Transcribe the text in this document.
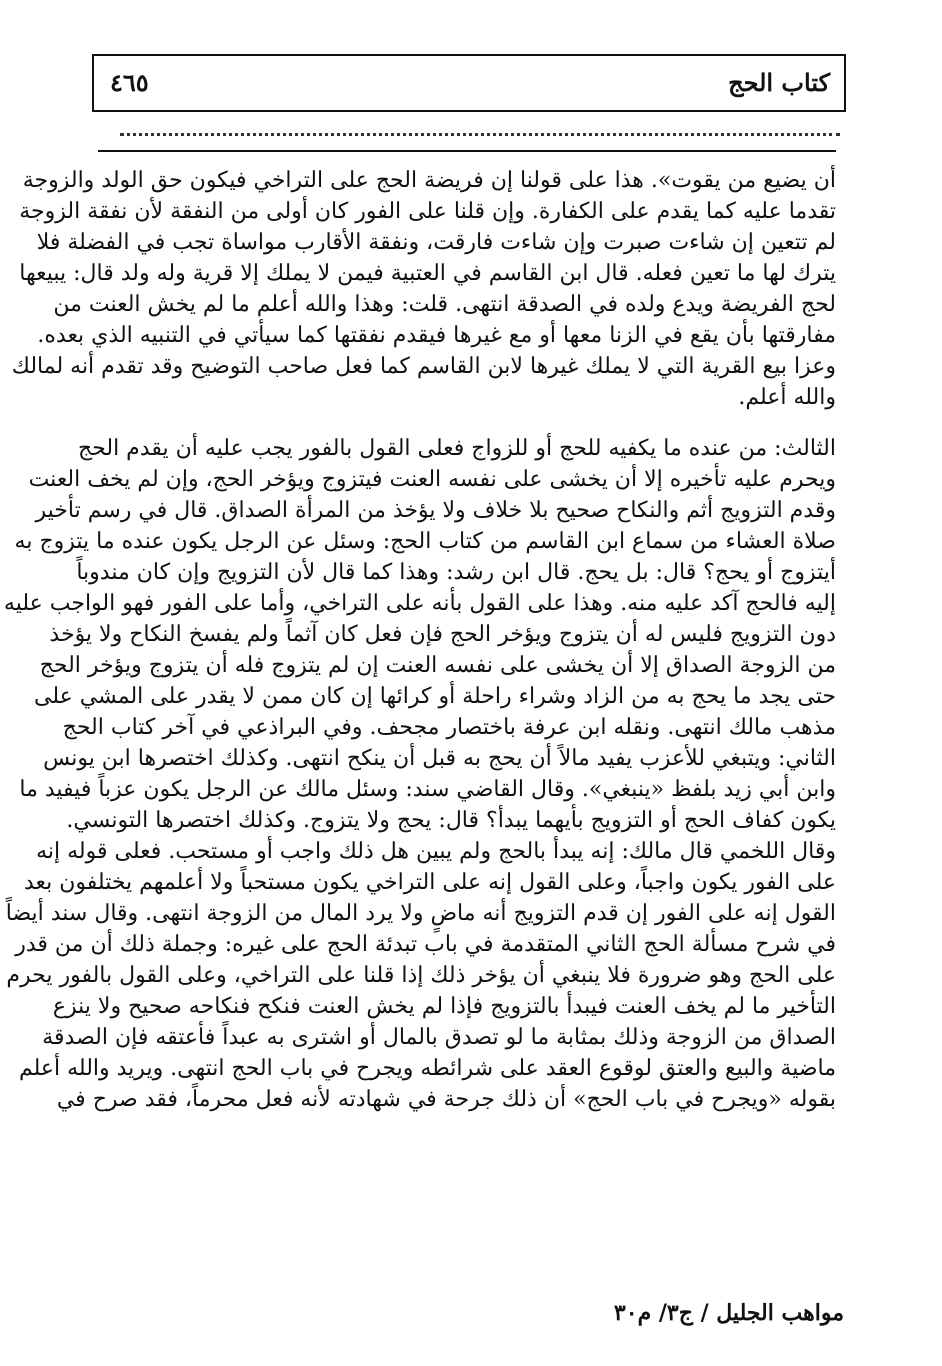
كتاب الحج
٤٦٥
أن يضيع من يقوت». هذا على قولنا إن فريضة الحج على التراخي فيكون حق الولد والزوجة
تقدما عليه كما يقدم على الكفارة. وإن قلنا على الفور كان أولى من النفقة لأن نفقة الزوجة
لم تتعين إن شاءت صبرت وإن شاءت فارقت، ونفقة الأقارب مواساة تجب في الفضلة فلا
يترك لها ما تعين فعله. قال ابن القاسم في العتبية فيمن لا يملك إلا قرية وله ولد قال: يبيعها
لحج الفريضة ويدع ولده في الصدقة انتهى. قلت: وهذا والله أعلم ما لم يخش العنت من
مفارقتها بأن يقع في الزنا معها أو مع غيرها فيقدم نفقتها كما سيأتي في التنبيه الذي بعده.
وعزا بيع القرية التي لا يملك غيرها لابن القاسم كما فعل صاحب التوضيح وقد تقدم أنه لمالك
والله أعلم.
الثالث: من عنده ما يكفيه للحج أو للزواج فعلى القول بالفور يجب عليه أن يقدم الحج
ويحرم عليه تأخيره إلا أن يخشى على نفسه العنت فيتزوج ويؤخر الحج، وإن لم يخف العنت
وقدم التزويج أثم والنكاح صحيح بلا خلاف ولا يؤخذ من المرأة الصداق. قال في رسم تأخير
صلاة العشاء من سماع ابن القاسم من كتاب الحج: وسئل عن الرجل يكون عنده ما يتزوج به
أيتزوج أو يحج؟ قال: بل يحج. قال ابن رشد: وهذا كما قال لأن التزويج وإن كان مندوباً
إليه فالحج آكد عليه منه. وهذا على القول بأنه على التراخي، وأما على الفور فهو الواجب عليه
دون التزويج فليس له أن يتزوج ويؤخر الحج فإن فعل كان آثماً ولم يفسخ النكاح ولا يؤخذ
من الزوجة الصداق إلا أن يخشى على نفسه العنت إن لم يتزوج فله أن يتزوج ويؤخر الحج
حتى يجد ما يحج به من الزاد وشراء راحلة أو كرائها إن كان ممن لا يقدر على المشي على
مذهب مالك انتهى. ونقله ابن عرفة باختصار مجحف. وفي البراذعي في آخر كتاب الحج
الثاني: ويتبغي للأعزب يفيد مالاً أن يحج به قبل أن ينكح انتهى. وكذلك اختصرها ابن يونس
وابن أبي زيد بلفظ «ينبغي». وقال القاضي سند: وسئل مالك عن الرجل يكون عزباً فيفيد ما
يكون كفاف الحج أو التزويج بأيهما يبدأ؟ قال: يحج ولا يتزوج. وكذلك اختصرها التونسي.
وقال اللخمي قال مالك: إنه يبدأ بالحج ولم يبين هل ذلك واجب أو مستحب. فعلى قوله إنه
على الفور يكون واجباً، وعلى القول إنه على التراخي يكون مستحباً ولا أعلمهم يختلفون بعد
القول إنه على الفور إن قدم التزويج أنه ماضٍ ولا يرد المال من الزوجة انتهى. وقال سند أيضاً
في شرح مسألة الحج الثاني المتقدمة في باب تبدئة الحج على غيره: وجملة ذلك أن من قدر
على الحج وهو ضرورة فلا ينبغي أن يؤخر ذلك إذا قلنا على التراخي، وعلى القول بالفور يحرم
التأخير ما لم يخف العنت فيبدأ بالتزويج فإذا لم يخش العنت فنكح فنكاحه صحيح ولا ينزع
الصداق من الزوجة وذلك بمثابة ما لو تصدق بالمال أو اشترى به عبداً فأعتقه فإن الصدقة
ماضية والبيع والعتق لوقوع العقد على شرائطه ويجرح في باب الحج انتهى. ويريد والله أعلم
بقوله «ويجرح في باب الحج» أن ذلك جرحة في شهادته لأنه فعل محرماً، فقد صرح في
مواهب الجليل / ج٣/ م٣٠
